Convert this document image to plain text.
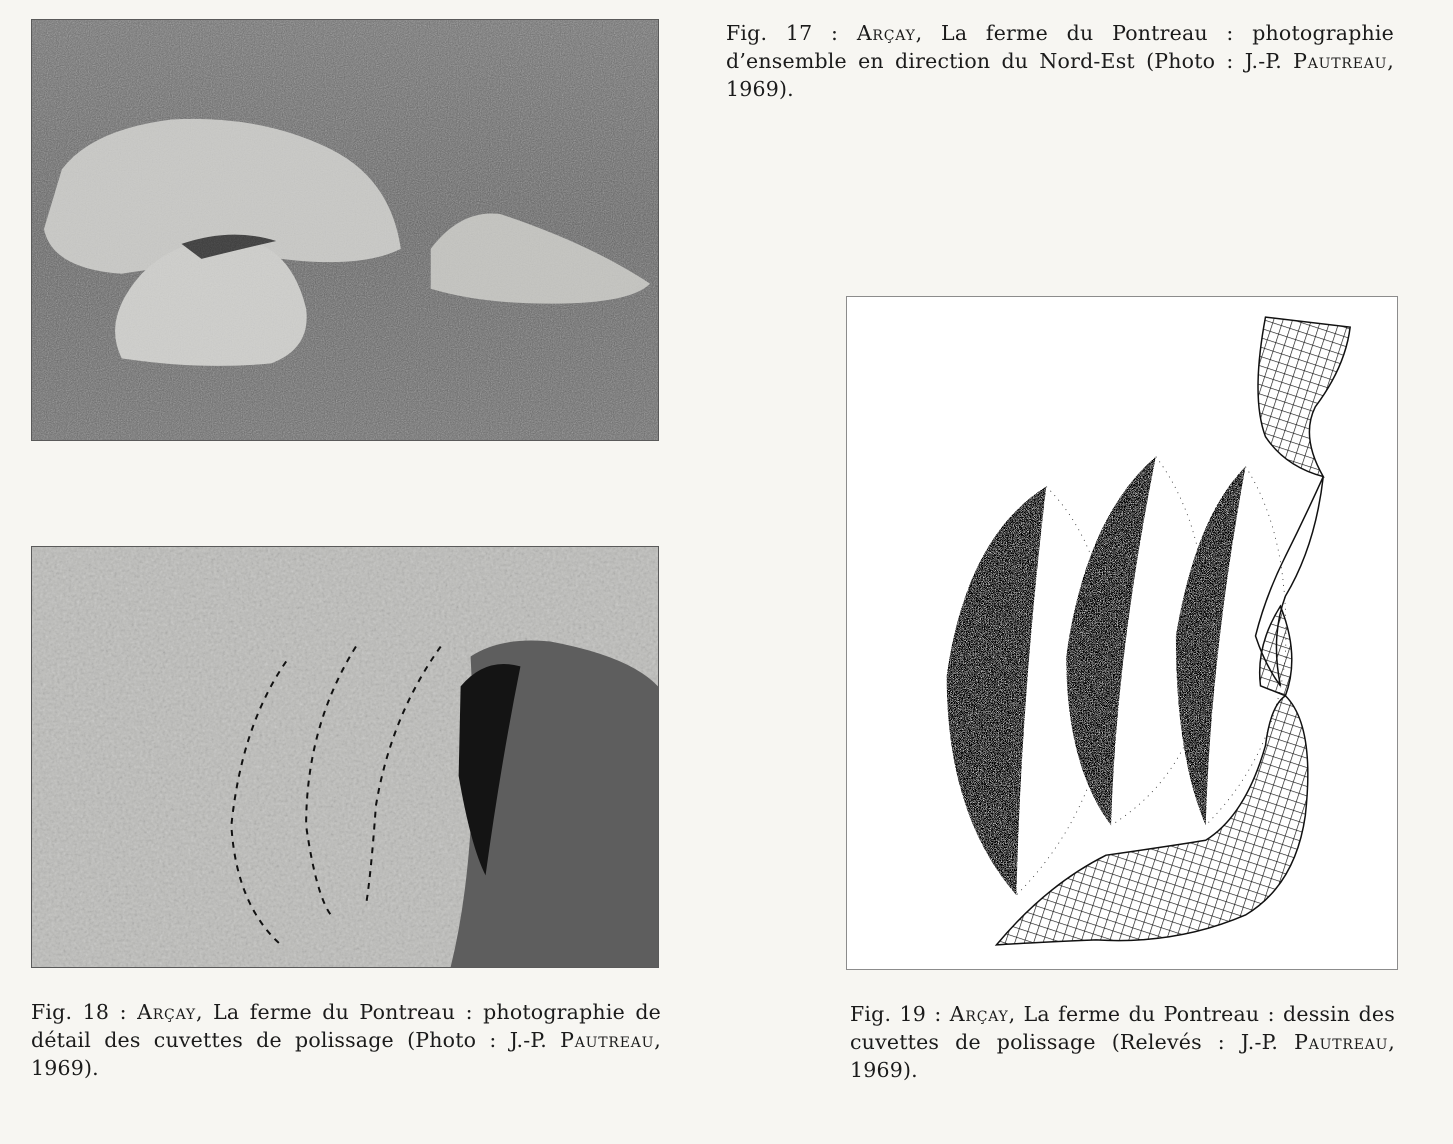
Fig. 17 : Arçay, La ferme du Pontreau : photographie d’ensemble en direction du Nord-Est (Photo : J.-P. Pautreau, 1969).

Fig. 18 : Arçay, La ferme du Pontreau : photographie de détail des cuvettes de polissage (Photo : J.-P. Pautreau, 1969).

Fig. 19 : Arçay, La ferme du Pontreau : dessin des cuvettes de polissage (Relevés : J.-P. Pautreau, 1969).
